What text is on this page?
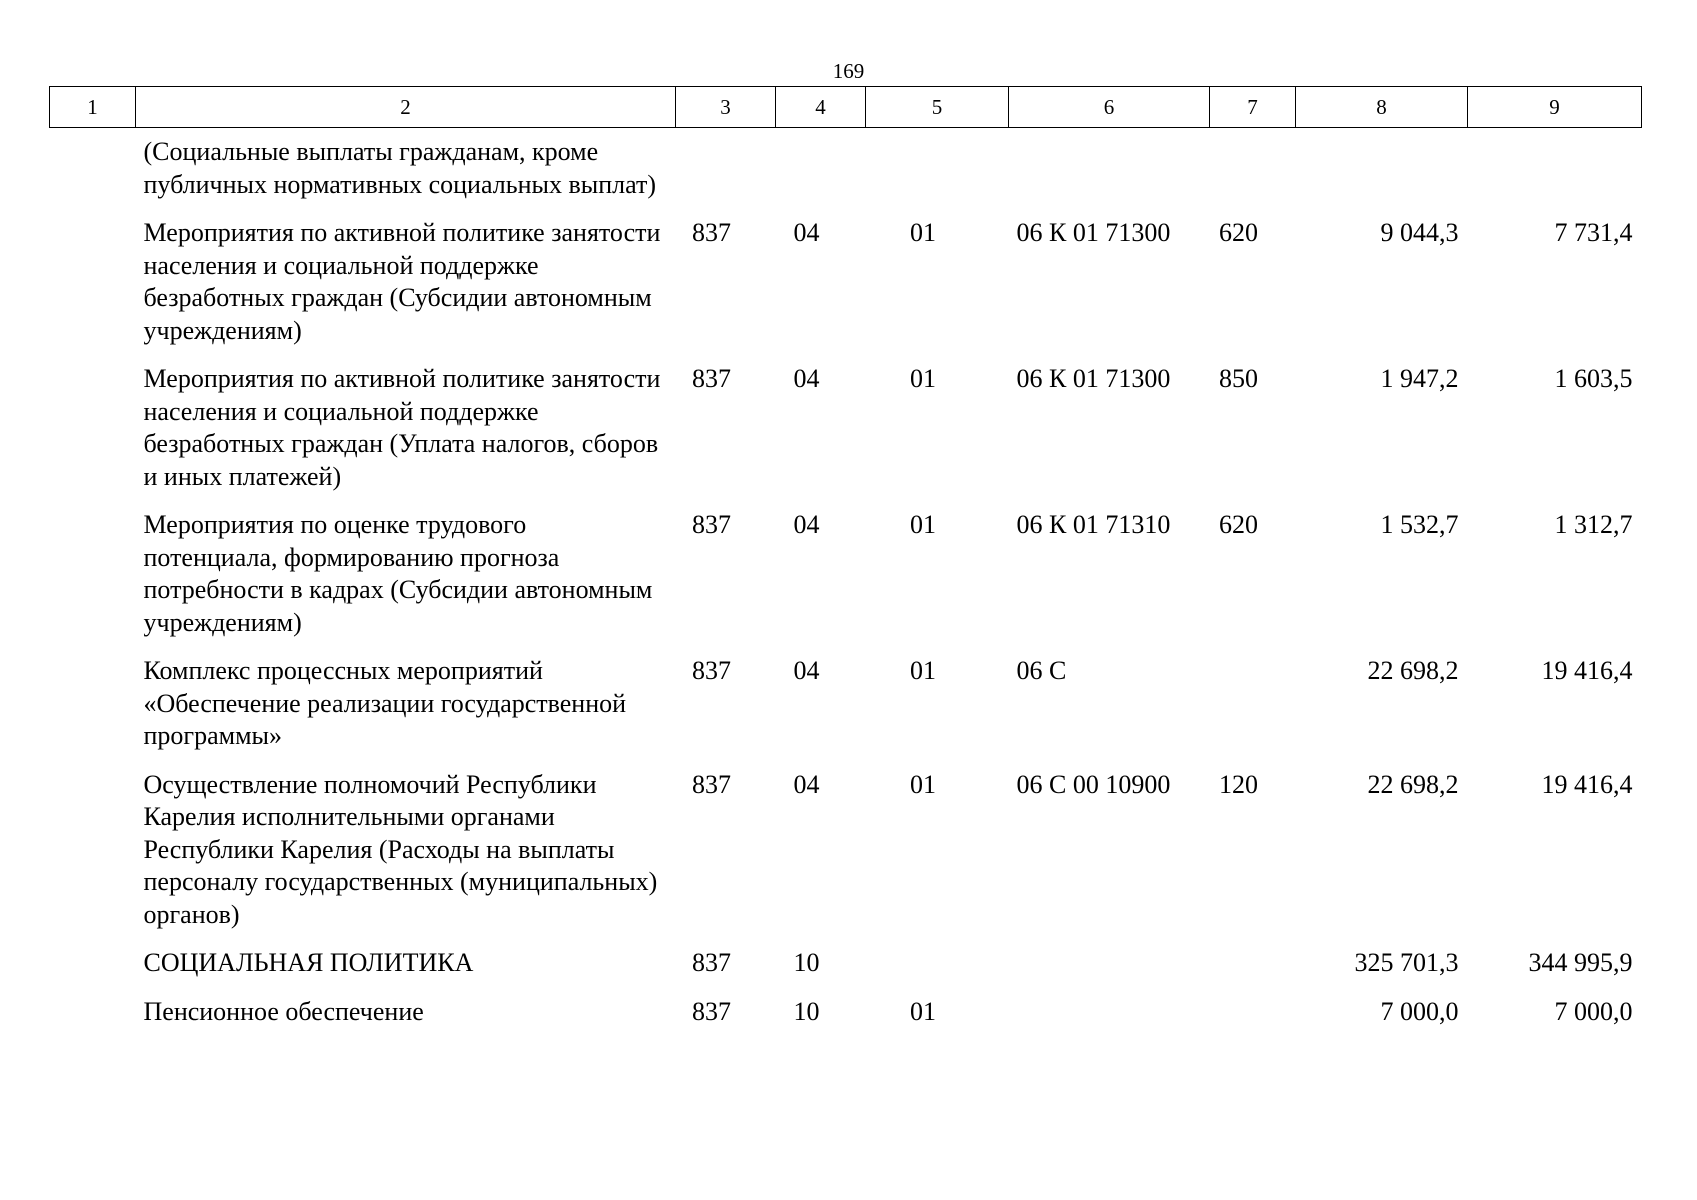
169
1	2	3	4	5	6	7	8	9
	(Социальные выплаты гражданам, кроме публичных нормативных социальных выплат)							
	Мероприятия по активной политике занятости населения и социальной поддержке безработных граждан (Субсидии автономным учреждениям)	837	04	01	06 К 01 71300	620	9 044,3	7 731,4
	Мероприятия по активной политике занятости населения и социальной поддержке безработных граждан (Уплата налогов, сборов и иных платежей)	837	04	01	06 К 01 71300	850	1 947,2	1 603,5
	Мероприятия по оценке трудового потенциала, формированию прогноза потребности в кадрах (Субсидии автономным учреждениям)	837	04	01	06 К 01 71310	620	1 532,7	1 312,7
	Комплекс процессных мероприятий «Обеспечение реализации государственной программы»	837	04	01	06 С		22 698,2	19 416,4
	Осуществление полномочий Республики Карелия исполнительными органами Республики Карелия (Расходы на выплаты персоналу государственных (муниципальных) органов)	837	04	01	06 С 00 10900	120	22 698,2	19 416,4
	СОЦИАЛЬНАЯ ПОЛИТИКА	837	10				325 701,3	344 995,9
	Пенсионное обеспечение	837	10	01			7 000,0	7 000,0
